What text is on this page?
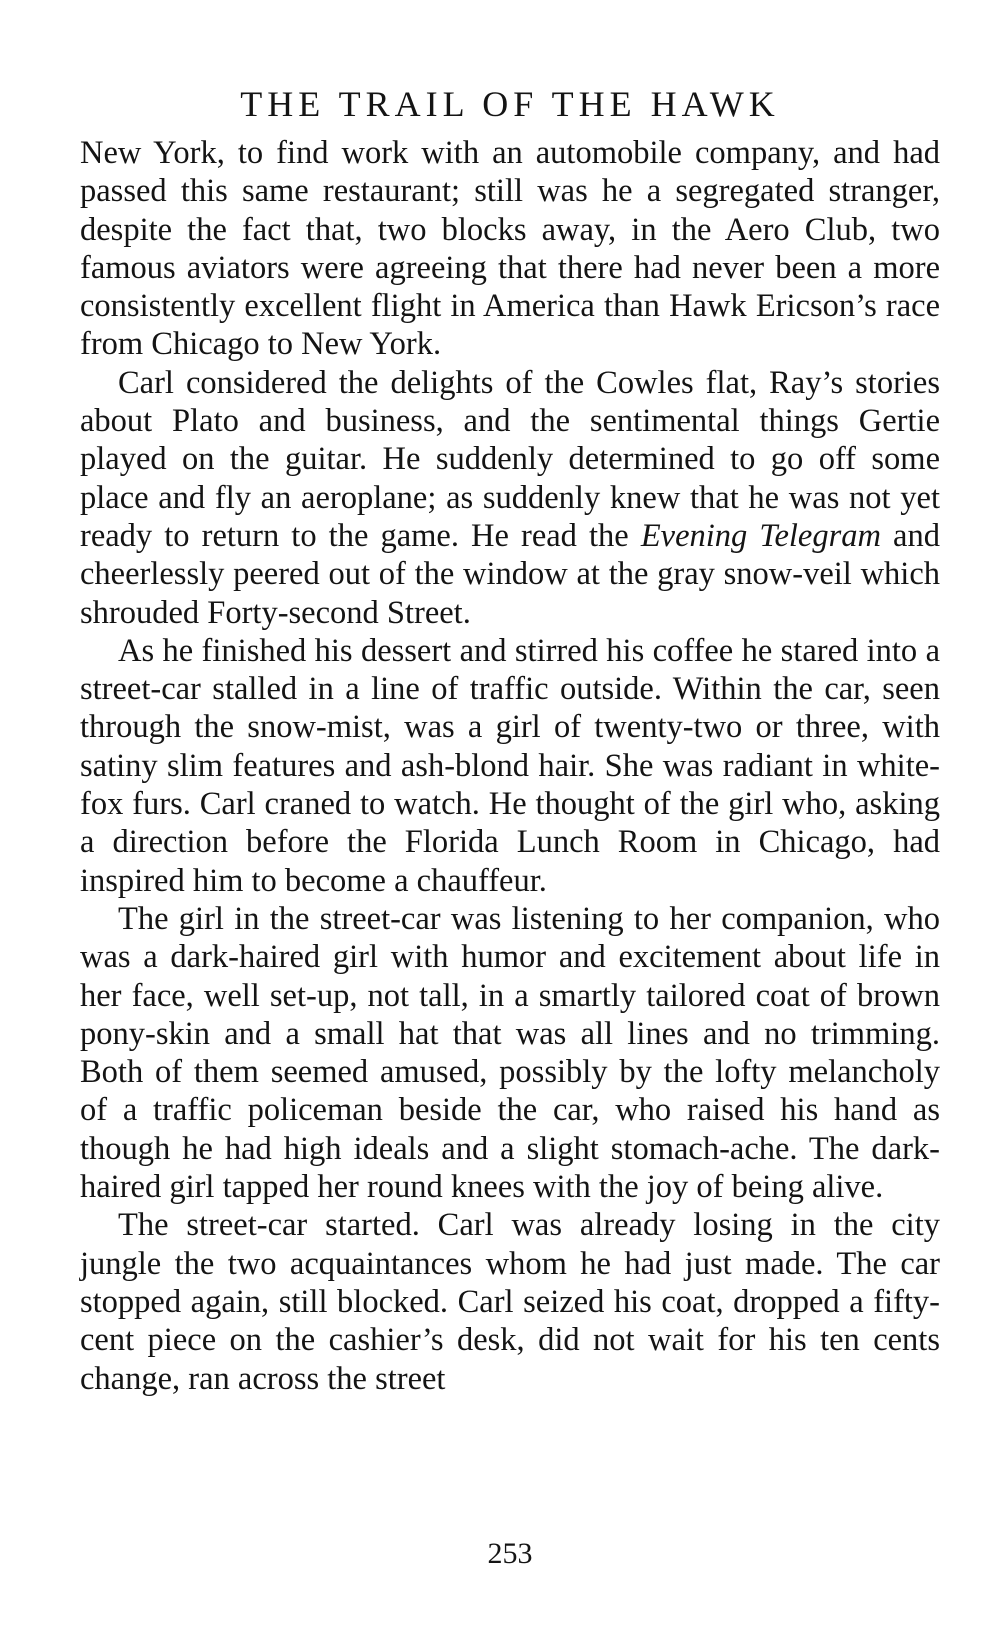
THE TRAIL OF THE HAWK

New York, to find work with an automobile company, and had passed this same restaurant; still was he a segregated stranger, despite the fact that, two blocks away, in the Aero Club, two famous aviators were agreeing that there had never been a more consistently excellent flight in America than Hawk Ericson’s race from Chicago to New York.

Carl considered the delights of the Cowles flat, Ray’s stories about Plato and business, and the sentimental things Gertie played on the guitar. He suddenly determined to go off some place and fly an aeroplane; as suddenly knew that he was not yet ready to return to the game. He read the Evening Telegram and cheerlessly peered out of the window at the gray snow-veil which shrouded Forty-second Street.

As he finished his dessert and stirred his coffee he stared into a street-car stalled in a line of traffic outside. Within the car, seen through the snow-mist, was a girl of twenty-two or three, with satiny slim features and ash-blond hair. She was radiant in white-fox furs. Carl craned to watch. He thought of the girl who, asking a direction before the Florida Lunch Room in Chicago, had inspired him to become a chauffeur.

The girl in the street-car was listening to her companion, who was a dark-haired girl with humor and excitement about life in her face, well set-up, not tall, in a smartly tailored coat of brown pony-skin and a small hat that was all lines and no trimming. Both of them seemed amused, possibly by the lofty melancholy of a traffic policeman beside the car, who raised his hand as though he had high ideals and a slight stomach-ache. The dark-haired girl tapped her round knees with the joy of being alive.

The street-car started. Carl was already losing in the city jungle the two acquaintances whom he had just made. The car stopped again, still blocked. Carl seized his coat, dropped a fifty-cent piece on the cashier’s desk, did not wait for his ten cents change, ran across the street

253
